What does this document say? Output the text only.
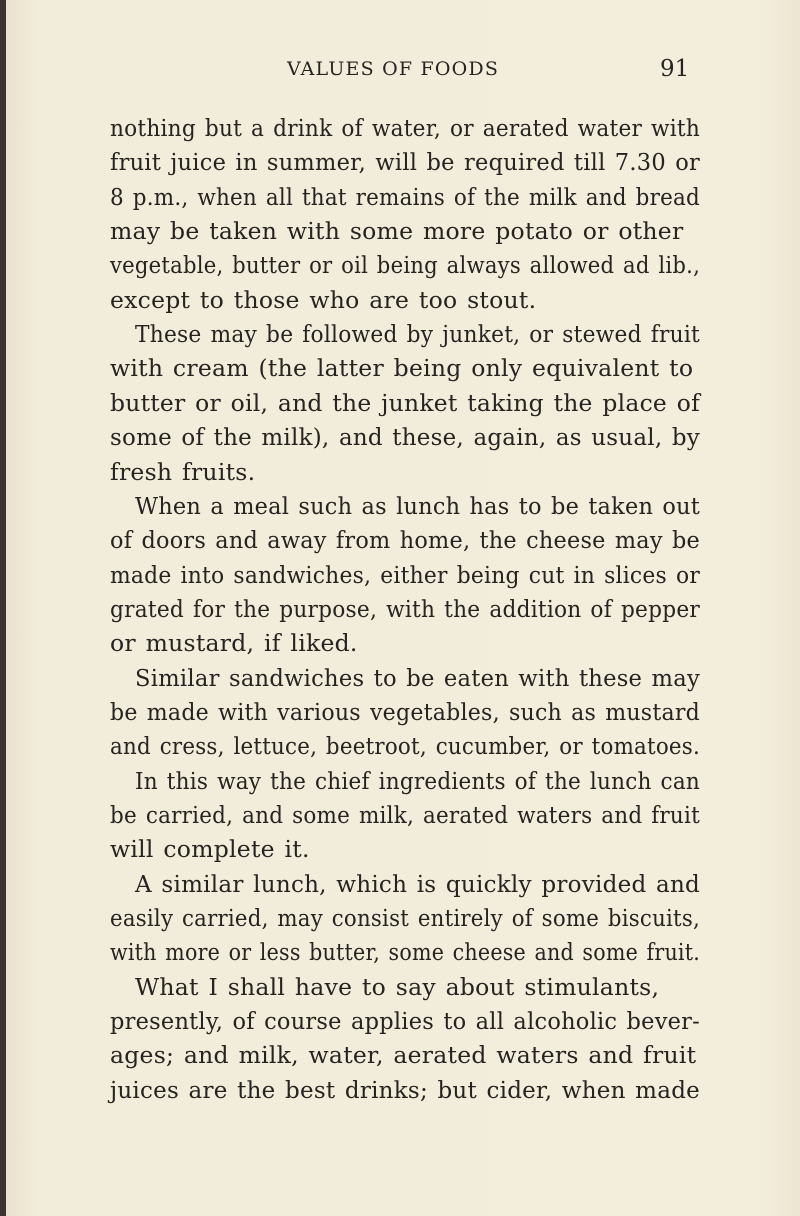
VALUES OF FOODS	91
nothing but a drink of water, or aerated water with
fruit juice in summer, will be required till 7.30 or
8 p.m., when all that remains of the milk and bread
may be taken with some more potato or other
vegetable, butter or oil being always allowed ad lib.,
except to those who are too stout.
These may be followed by junket, or stewed fruit
with cream (the latter being only equivalent to
butter or oil, and the junket taking the place of
some of the milk), and these, again, as usual, by
fresh fruits.
When a meal such as lunch has to be taken out
of doors and away from home, the cheese may be
made into sandwiches, either being cut in slices or
grated for the purpose, with the addition of pepper
or mustard, if liked.
Similar sandwiches to be eaten with these may
be made with various vegetables, such as mustard
and cress, lettuce, beetroot, cucumber, or tomatoes.
In this way the chief ingredients of the lunch can
be carried, and some milk, aerated waters and fruit
will complete it.
A similar lunch, which is quickly provided and
easily carried, may consist entirely of some biscuits,
with more or less butter, some cheese and some fruit.
What I shall have to say about stimulants,
presently, of course applies to all alcoholic bever-
ages; and milk, water, aerated waters and fruit
juices are the best drinks; but cider, when made
